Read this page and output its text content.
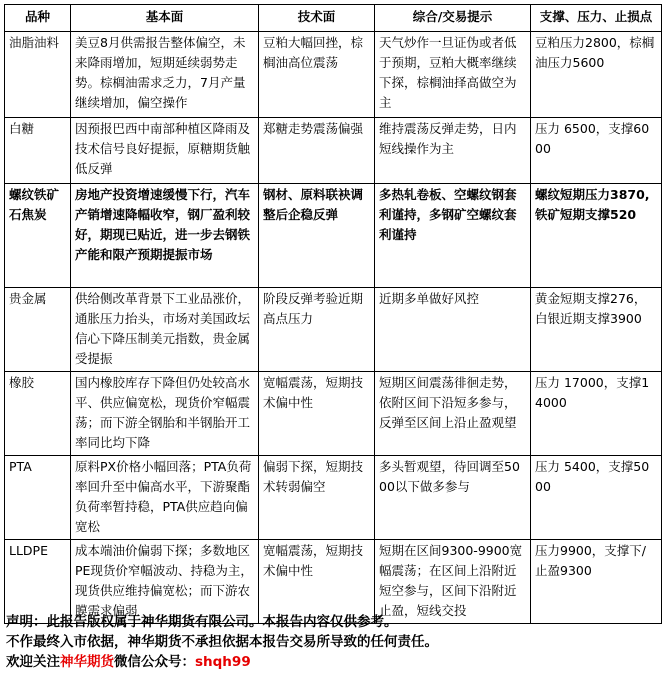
品种	基本面	技术面	综合/交易提示	支撑、压力、止损点
油脂油料	美豆8月供需报告整体偏空，未来降雨增加，短期延续弱势走势。棕榈油需求乏力，7月产量继续增加，偏空操作	豆粕大幅回挫，棕榈油高位震荡	天气炒作一旦证伪或者低于预期，豆粕大概率继续下探，棕榈油择高做空为主	豆粕压力2800，棕榈油压力5600
白糖	因预报巴西中南部种植区降雨及技术信号良好提振，原糖期货触低反弹	郑糖走势震荡偏强	维持震荡反弹走势，日内短线操作为主	压力 6500，支撑6000
螺纹铁矿石焦炭	房地产投资增速缓慢下行，汽车产销增速降幅收窄，钢厂盈利较好，期现已贴近，进一步去钢铁产能和限产预期提振市场	钢材、原料联袂调整后企稳反弹	多热轧卷板、空螺纹钢套利谨持，多钢矿空螺纹套利谨持	螺纹短期压力3870,铁矿短期支撑520
贵金属	供给侧改革背景下工业品涨价，通胀压力抬头，市场对美国政坛信心下降压制美元指数，贵金属受提振	阶段反弹考验近期高点压力	近期多单做好风控	黄金短期支撑276，白银近期支撑3900
橡胶	国内橡胶库存下降但仍处较高水平、供应偏宽松，现货价窄幅震荡；而下游全钢胎和半钢胎开工率同比均下降	宽幅震荡，短期技术偏中性	短期区间震荡徘徊走势，依附区间下沿短多参与，反弹至区间上沿止盈观望	压力 17000，支撑14000
PTA	原料PX价格小幅回落；PTA负荷率回升至中偏高水平，下游聚酯负荷率暂持稳，PTA供应趋向偏宽松	偏弱下探，短期技术转弱偏空	多头暂观望，待回调至5000以下做多参与	压力 5400，支撑5000
LLDPE	成本端油价偏弱下探；多数地区PE现货价窄幅波动、持稳为主，现货供应维持偏宽松；而下游农膜需求偏弱	宽幅震荡，短期技术偏中性	短期在区间9300-9900宽幅震荡；在区间上沿附近短空参与，区间下沿附近止盈，短线交投	压力9900，支撑下/止盈9300
声明：此报告版权属于神华期货有限公司。本报告内容仅供参考。
不作最终入市依据，神华期货不承担依据本报告交易所导致的任何责任。
欢迎关注神华期货微信公众号：shqh99
